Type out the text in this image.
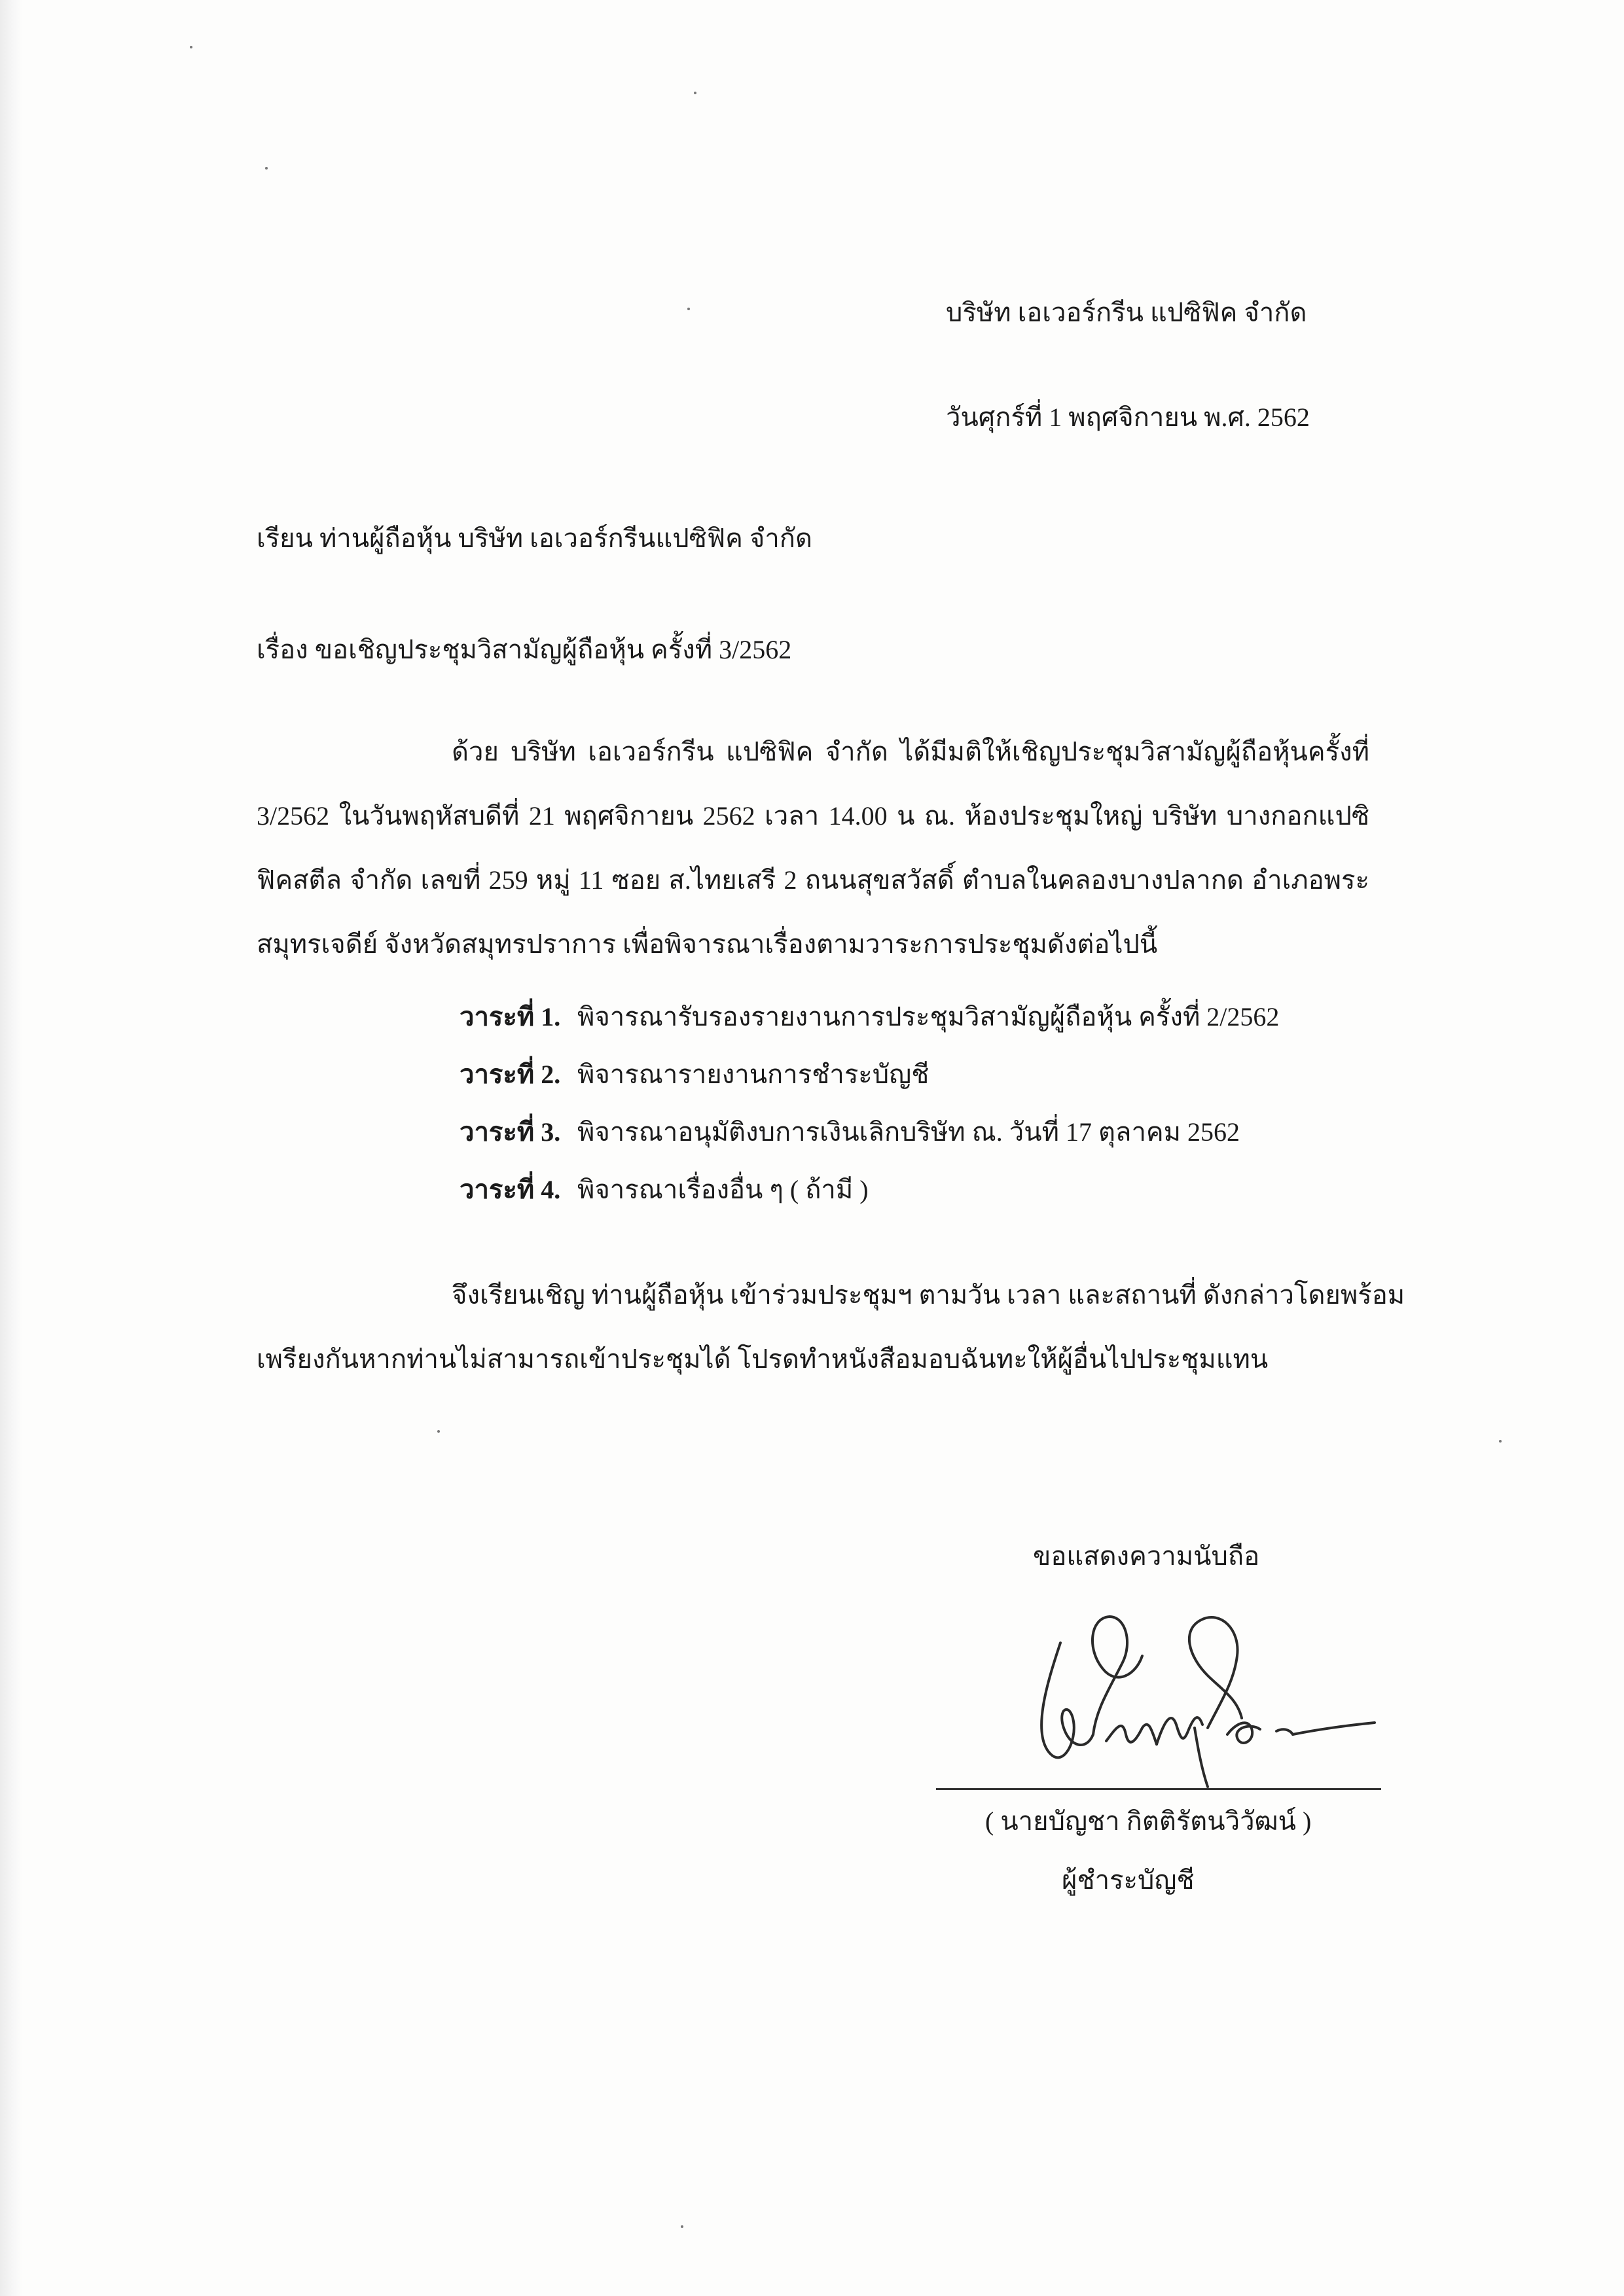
บริษัท เอเวอร์กรีน แปซิฟิค จำกัด
วันศุกร์ที่ 1 พฤศจิกายน พ.ศ. 2562
เรียน ท่านผู้ถือหุ้น บริษัท เอเวอร์กรีนแปซิฟิค จำกัด
เรื่อง ขอเชิญประชุมวิสามัญผู้ถือหุ้น ครั้งที่ 3/2562

ด้วย บริษัท เอเวอร์กรีน แปซิฟิค จำกัด ได้มีมติให้เชิญประชุมวิสามัญผู้ถือหุ้นครั้งที่ 3/2562 ในวันพฤหัสบดีที่ 21 พฤศจิกายน 2562 เวลา 14.00 น ณ. ห้องประชุมใหญ่ บริษัท บางกอกแปซิฟิคสตีล จำกัด เลขที่ 259 หมู่ 11 ซอย ส.ไทยเสรี 2 ถนนสุขสวัสดิ์ ตำบลในคลองบางปลากด อำเภอพระสมุทรเจดีย์ จังหวัดสมุทรปราการ เพื่อพิจารณาเรื่องตามวาระการประชุมดังต่อไปนี้

วาระที่ 1. พิจารณารับรองรายงานการประชุมวิสามัญผู้ถือหุ้น ครั้งที่ 2/2562
วาระที่ 2. พิจารณารายงานการชำระบัญชี
วาระที่ 3. พิจารณาอนุมัติงบการเงินเลิกบริษัท ณ. วันที่ 17 ตุลาคม 2562
วาระที่ 4. พิจารณาเรื่องอื่น ๆ ( ถ้ามี )

จึงเรียนเชิญ ท่านผู้ถือหุ้น เข้าร่วมประชุมฯ ตามวัน เวลา และสถานที่ ดังกล่าวโดยพร้อมเพรียงกันหากท่านไม่สามารถเข้าประชุมได้ โปรดทำหนังสือมอบฉันทะให้ผู้อื่นไปประชุมแทน

ขอแสดงความนับถือ
( นายบัญชา กิตติรัตนวิวัฒน์ )
ผู้ชำระบัญชี
